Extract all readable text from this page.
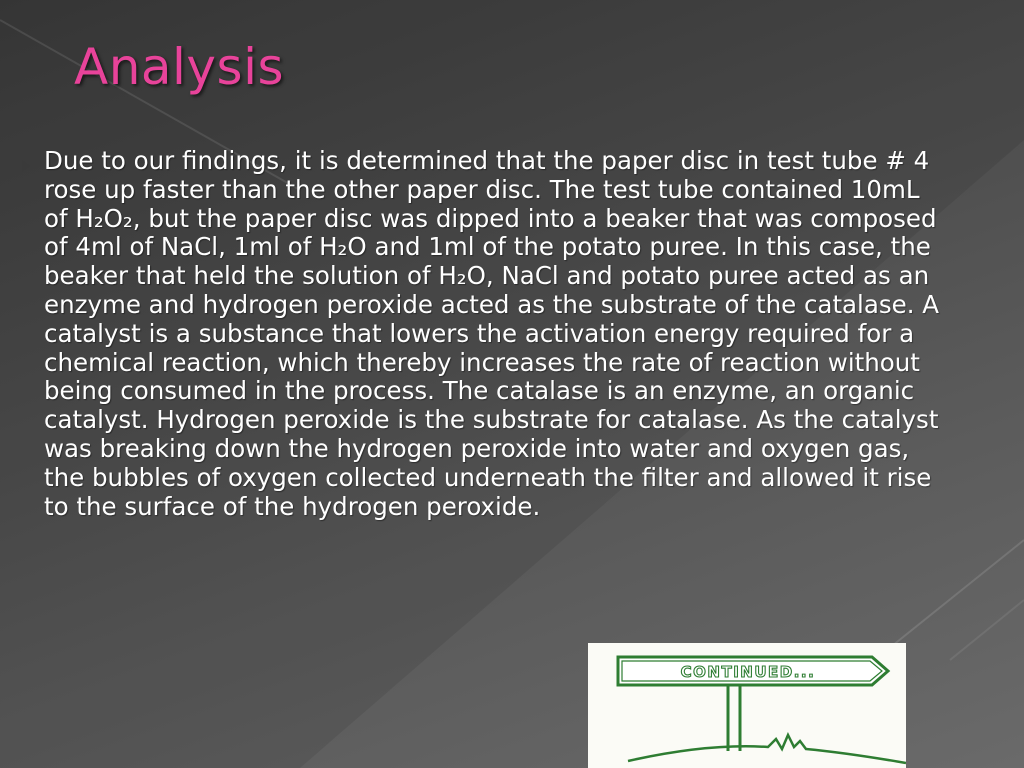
Analysis

Due to our findings, it is determined that the paper disc in test tube # 4 rose up faster than the other paper disc. The test tube contained 10mL of H₂O₂, but the paper disc was dipped into a beaker that was composed of 4ml of NaCl, 1ml of H₂O and 1ml of the potato puree. In this case, the beaker that held the solution of H₂O, NaCl and potato puree acted as an enzyme and hydrogen peroxide acted as the substrate of the catalase. A catalyst is a substance that lowers the activation energy required for a chemical reaction, which thereby increases the rate of reaction without being consumed in the process. The catalase is an enzyme, an organic catalyst. Hydrogen peroxide is the substrate for catalase. As the catalyst was breaking down the hydrogen peroxide into water and oxygen gas, the bubbles of oxygen collected underneath the filter and allowed it rise to the surface of the hydrogen peroxide.

CONTINUED...
